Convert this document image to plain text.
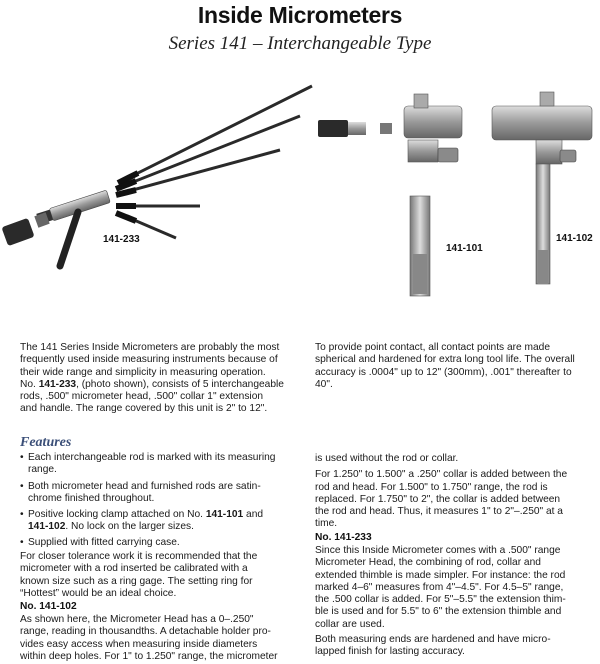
Inside Micrometers
Series 141 – Interchangeable Type
141-233
141-101
141-102
The 141 Series Inside Micrometers are probably the most
frequently used inside measuring instruments because of
their wide range and simplicity in measuring operation.
No. 141-233, (photo shown), consists of 5 interchangeable
rods, .500" micrometer head, .500" collar 1" extension
and handle. The range covered by this unit is 2" to 12".
To provide point contact, all contact points are made
spherical and hardened for extra long tool life. The overall
accuracy is .0004" up to 12" (300mm), .001" thereafter to
40".
Features
• Each interchangeable rod is marked with its measuring
range.
• Both micrometer head and furnished rods are satin-
chrome finished throughout.
• Positive locking clamp attached on No. 141-101 and
141-102. No lock on the larger sizes.
• Supplied with fitted carrying case.
For closer tolerance work it is recommended that the
micrometer with a rod inserted be calibrated with a
known size such as a ring gage. The setting ring for
“Hottest” would be an ideal choice.
No. 141-102
As shown here, the Micrometer Head has a 0–.250"
range, reading in thousandths. A detachable holder pro-
vides easy access when measuring inside diameters
within deep holes. For 1" to 1.250" range, the micrometer
is used without the rod or collar.
For 1.250" to 1.500" a .250" collar is added between the
rod and head. For 1.500" to 1.750" range, the rod is
replaced. For 1.750" to 2", the collar is added between
the rod and head. Thus, it measures 1" to 2"–.250" at a
time.
No. 141-233
Since this Inside Micrometer comes with a .500" range
Micrometer Head, the combining of rod, collar and
extended thimble is made simpler. For instance: the rod
marked 4–6" measures from 4"–4.5". For 4.5–5" range,
the .500 collar is added. For 5"–5.5" the extension thim-
ble is used and for 5.5" to 6" the extension thimble and
collar are used.
Both measuring ends are hardened and have micro-
lapped finish for lasting accuracy.
